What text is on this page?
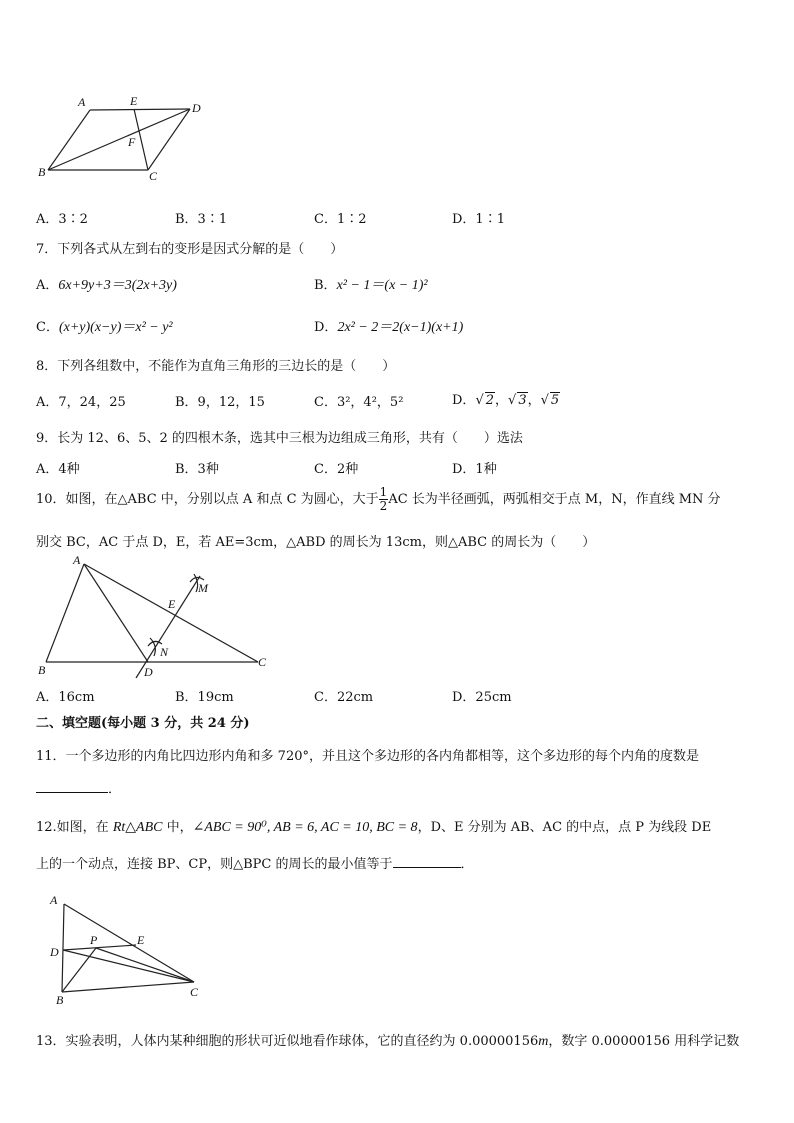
A	E	D
F
B	C
A．3∶2	B．3∶1	C．1∶2	D．1∶1
7．下列各式从左到右的变形是因式分解的是（　　）
A．6x+9y+3＝3(2x+3y)	B．x² − 1＝(x − 1)²
C．(x+y)(x−y)＝x² − y²	D．2x² − 2＝2(x−1)(x+1)
8．下列各组数中，不能作为直角三角形的三边长的是（　　）
A．7，24，25	B．9，12，15	C．3²，4²，5²	D．√ 2，√ 3，√ 5
9．长为 12、6、5、2 的四根木条，选其中三根为边组成三角形，共有（　　）选法
A．4种	B．3种	C．2种	D．1种
10．如图，在△ABC 中，分别以点 A 和点 C 为圆心，大于 $\frac{1}{2}$ AC 长为半径画弧，两弧相交于点 M，N，作直线 MN 分
别交 BC，AC 于点 D，E，若 AE=3cm，△ABD 的周长为 13cm，则△ABC 的周长为（　　）
A
M
E
N
B	D
C
A．16cm	B．19cm	C．22cm	D．25cm
二、填空题(每小题 3 分，共 24 分)
11．一个多边形的内角比四边形内角和多 720°，并且这个多边形的各内角都相等，这个多边形的每个内角的度数是
．
12.如图，在 Rt△ABC 中，∠ABC = 90⁰, AB = 6, AC = 10, BC = 8，D、E 分别为 AB、AC 的中点，点 P 为线段 DE
上的一个动点，连接 BP、CP，则△BPC 的周长的最小值等于	．
A
D
P	E
B
C
13．实验表明，人体内某种细胞的形状可近似地看作球体，它的直径约为 0.00000156m，数字 0.00000156 用科学记数
